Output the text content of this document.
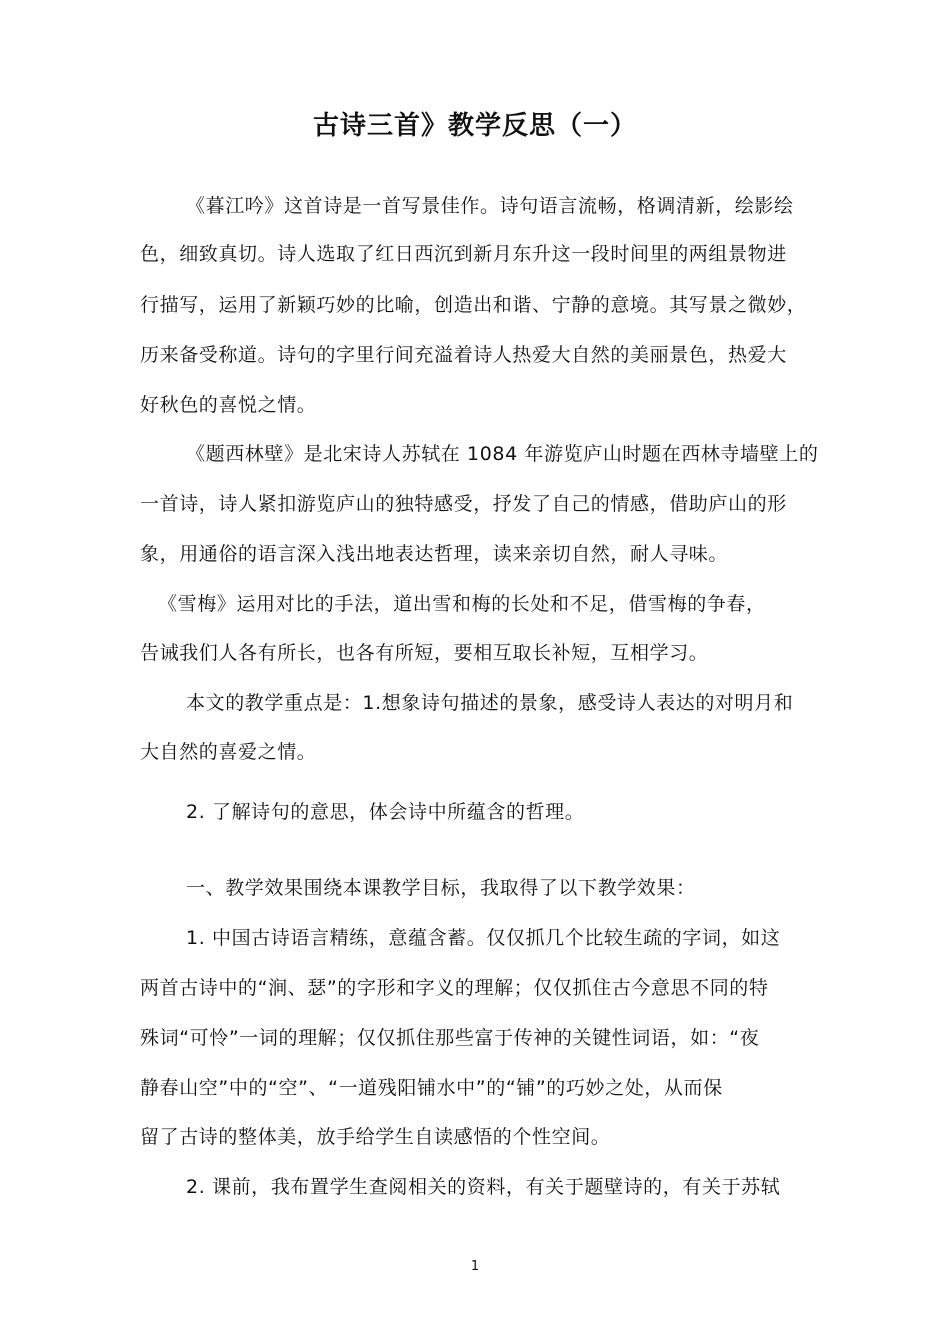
古诗三首》教学反思（一）
《暮江吟》这首诗是一首写景佳作。诗句语言流畅，格调清新，绘影绘
色，细致真切。诗人选取了红日西沉到新月东升这一段时间里的两组景物进
行描写，运用了新颖巧妙的比喻，创造出和谐、宁静的意境。其写景之微妙，
历来备受称道。诗句的字里行间充溢着诗人热爱大自然的美丽景色，热爱大
好秋色的喜悦之情。
《题西林壁》是北宋诗人苏轼在 1084 年游览庐山时题在西林寺墙壁上的
一首诗，诗人紧扣游览庐山的独特感受，抒发了自己的情感，借助庐山的形
象，用通俗的语言深入浅出地表达哲理，读来亲切自然，耐人寻味。
《雪梅》运用对比的手法，道出雪和梅的长处和不足，借雪梅的争春，
告诫我们人各有所长，也各有所短，要相互取长补短，互相学习。
本文的教学重点是：1.想象诗句描述的景象，感受诗人表达的对明月和
大自然的喜爱之情。
2. 了解诗句的意思，体会诗中所蕴含的哲理。
一、教学效果围绕本课教学目标，我取得了以下教学效果：
1. 中国古诗语言精练，意蕴含蓄。仅仅抓几个比较生疏的字词，如这
两首古诗中的“涧、瑟”的字形和字义的理解；仅仅抓住古今意思不同的特
殊词“可怜”一词的理解；仅仅抓住那些富于传神的关键性词语，如：“夜
静春山空”中的“空”、“一道残阳铺水中”的“铺”的巧妙之处，从而保
留了古诗的整体美，放手给学生自读感悟的个性空间。
2. 课前，我布置学生查阅相关的资料，有关于题壁诗的，有关于苏轼
1
